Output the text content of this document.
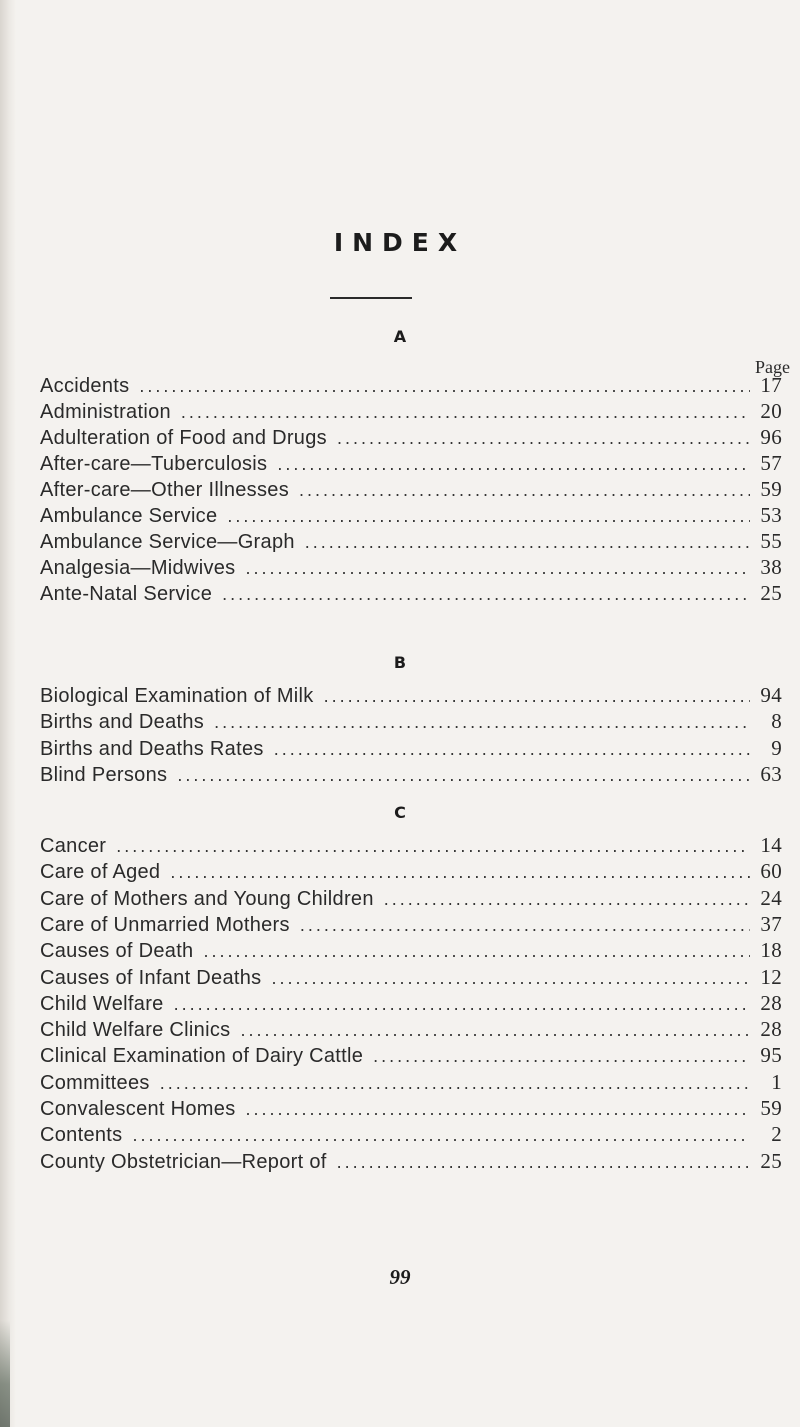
INDEX
Page
A
Accidents .....	17
Administration .....	20
Adulteration of Food and Drugs .....	96
After-care—Tuberculosis .....	57
After-care—Other Illnesses .....	59
Ambulance Service .....	53
Ambulance Service—Graph .....	55
Analgesia—Midwives .....	38
Ante-Natal Service .....	25
B
Biological Examination of Milk .....	94
Births and Deaths .....	8
Births and Deaths Rates .....	9
Blind Persons .....	63
C
Cancer .....	14
Care of Aged .....	60
Care of Mothers and Young Children .....	24
Care of Unmarried Mothers .....	37
Causes of Death .....	18
Causes of Infant Deaths .....	12
Child Welfare .....	28
Child Welfare Clinics .....	28
Clinical Examination of Dairy Cattle .....	95
Committees .....	1
Convalescent Homes .....	59
Contents .....	2
County Obstetrician—Report of .....	25
99
